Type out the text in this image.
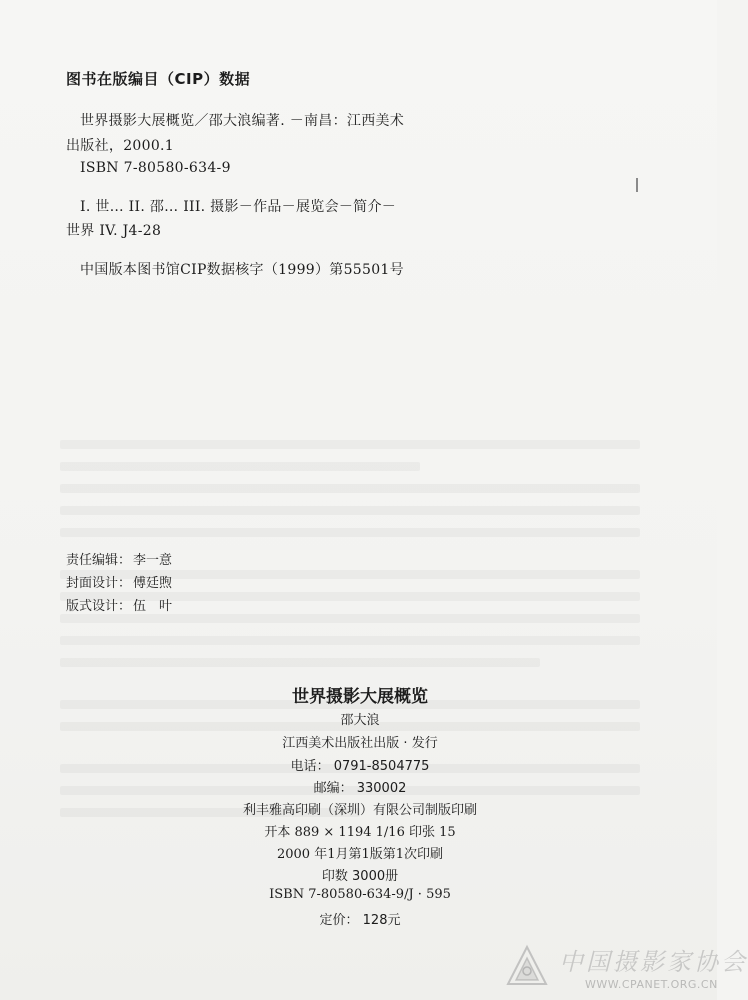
图书在版编目（CIP）数据
世界摄影大展概览／邵大浪编著. －南昌：江西美术
出版社，2000.1
ISBN 7-80580-634-9
I. 世… II. 邵… III. 摄影－作品－展览会－简介－
世界 IV. J4-28
中国版本图书馆CIP数据核字（1999）第55501号
责任编辑： 李一意
封面设计： 傅廷煦
版式设计： 伍　叶
世界摄影大展概览
邵大浪
江西美术出版社出版 · 发行
电话： 0791-8504775
邮编： 330002
利丰雅高印刷（深圳）有限公司制版印刷
开本 889 × 1194 1/16 印张 15
2000 年1月第1版第1次印刷
印数 3000册
ISBN 7-80580-634-9/J · 595
定价： 128元
中国摄影家协会
WWW.CPANET.ORG.CN
